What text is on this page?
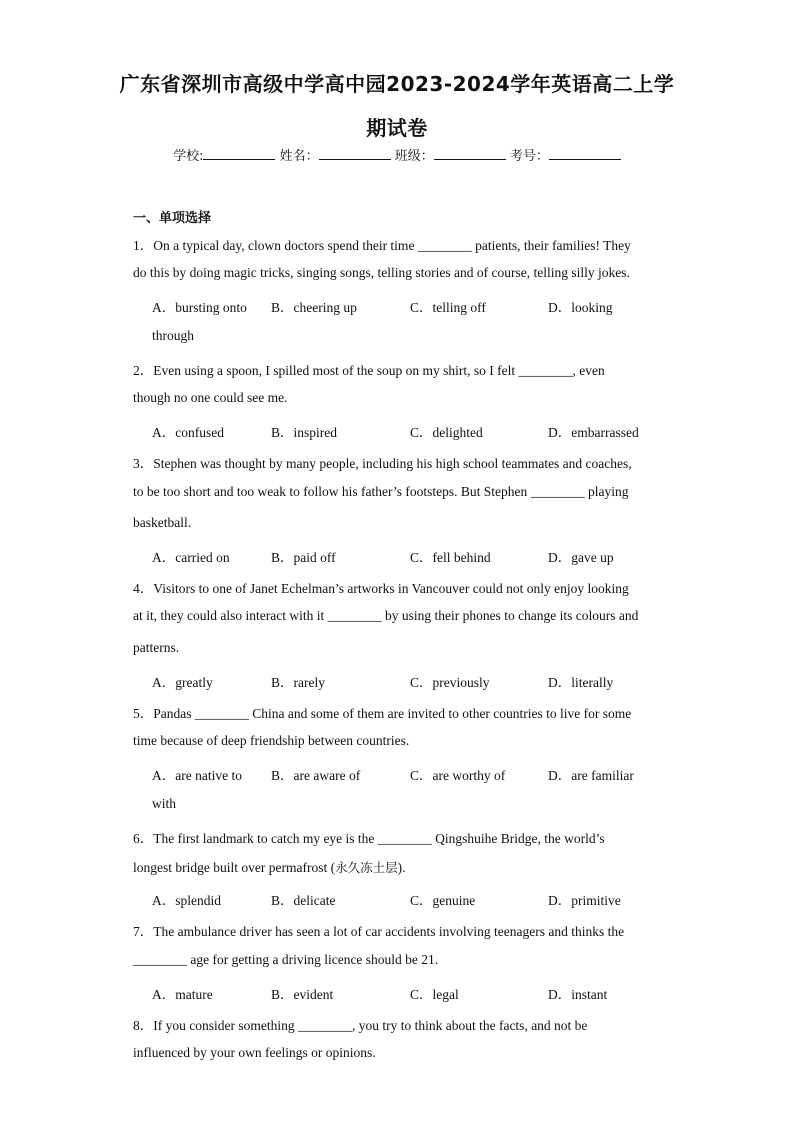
广东省深圳市高级中学高中园2023-2024学年英语高二上学
期试卷
学校:	姓名：	班级：	考号：
一、单项选择
1．On a typical day, clown doctors spend their time ________ patients, their families! They
do this by doing magic tricks, singing songs, telling stories and of course, telling silly jokes.
A．bursting onto B．cheering up	C．telling off	D．looking
through
2．Even using a spoon, I spilled most of the soup on my shirt, so I felt ________, even
though no one could see me.
A．confused	B．inspired	C．delighted	D．embarrassed
3．Stephen was thought by many people, including his high school teammates and coaches,
to be too short and too weak to follow his father’s footsteps. But Stephen ________ playing
basketball.
A．carried on	B．paid off	C．fell behind	D．gave up
4．Visitors to one of Janet Echelman’s artworks in Vancouver could not only enjoy looking
at it, they could also interact with it ________ by using their phones to change its colours and
patterns.
A．greatly	B．rarely	C．previously	D．literally
5．Pandas ________ China and some of them are invited to other countries to live for some
time because of deep friendship between countries.
A．are native to B．are aware of	C．are worthy of	D．are familiar
with
6．The first landmark to catch my eye is the ________ Qingshuihe Bridge, the world’s
longest bridge built over permafrost (永久冻土层).
A．splendid	B．delicate	C．genuine	D．primitive
7．The ambulance driver has seen a lot of car accidents involving teenagers and thinks the
________ age for getting a driving licence should be 21.
A．mature	B．evident	C．legal	D．instant
8．If you consider something ________, you try to think about the facts, and not be
influenced by your own feelings or opinions.
